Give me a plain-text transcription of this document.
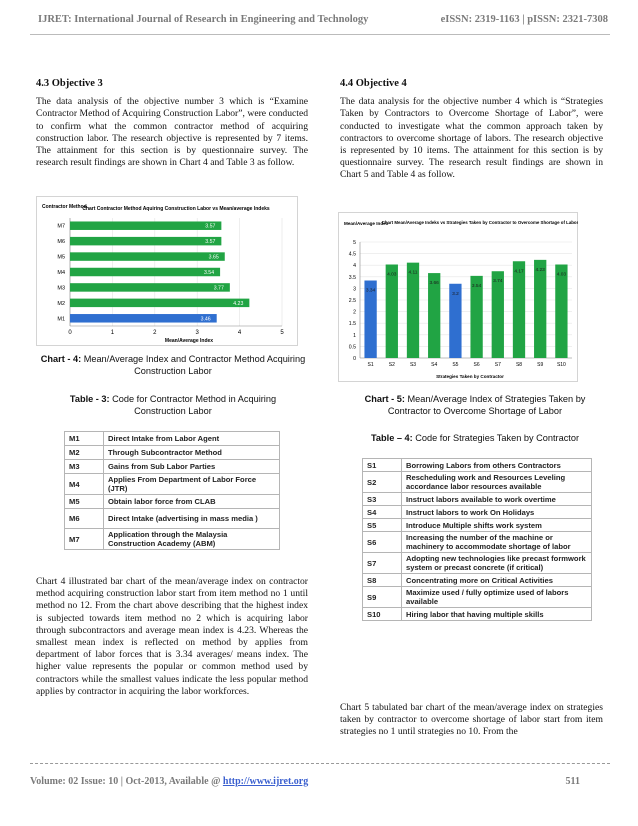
IJRET: International Journal of Research in Engineering and Technology	eISSN: 2319-1163 | pISSN: 2321-7308
4.3 Objective 3

The data analysis of the objective number 3 which is “Examine Contractor Method of Acquiring Construction Labor”, were conducted to confirm what the common contractor method of acquiring construction labor. The research objective is represented by 7 items. The attainment for this section is by questionnaire survey. The research result findings are shown in Chart 4 and Table 3 as follow.

Chart Contractor Method Aquiring Construction Labor vs Mean/average Indeks
Contractor Method
Mean/Average Index
0	1	2	3	4	5
M7	3.57
M6	3.57
M5	3.65
M4	3.54
M3	3.77
M2	4.23
M1	3.46
Chart - 4: Mean/Average Index and Contractor Method Acquiring Construction Labor
Table - 3: Code for Contractor Method in Acquiring Construction Labor
M1	Direct Intake from Labor Agent
M2	Through Subcontractor Method
M3	Gains from Sub Labor Parties
M4	Applies From Department of Labor Force (JTR)
M5	Obtain labor force from CLAB
M6	Direct Intake (advertising in mass media )
M7	Application through the Malaysia Construction Academy (ABM)

Chart 4 illustrated bar chart of the mean/average index on contractor method acquiring construction labor start from item method no 1 until method no 12. From the chart above describing that the highest index is subjected towards item method no 2 which is acquiring labor through subcontractors and average mean index is 4.23. Whereas the smallest mean index is reflected on method by applies from department of labor forces that is 3.34 averages/ means index. The higher value represents the popular or common method used by contractors while the smallest values indicate the less popular method applies by contractor in acquiring the labor workforces.

4.4 Objective 4

The data analysis for the objective number 4 which is “Strategies Taken by Contractors to Overcome Shortage of Labor”, were conducted to investigate what the common approach taken by contractors to overcome shortage of labors. The research objective is represented by 10 items. The attainment for this section is by questionnaire survey. The research result findings are shown in Chart 5 and Table 4 as follow.

Chart Mean/Average Indeks vs Strategies Taken by Contractor to Overcome Shortage of Labor
Mean/Average Index
Strategies Taken by Contractor
0
0.5
1
1.5
2
2.5
3
3.5
4
4.5
5
S1
3.34
S2
4.03
S3
4.11
S4
3.66
S5
3.2
S6
3.54
S7
3.74
S8
4.17
S9
4.23
S10
4.03
Chart - 5: Mean/Average Index of Strategies Taken by Contractor to Overcome Shortage of Labor
Table – 4: Code for Strategies Taken by Contractor
S1	Borrowing Labors from others Contractors
S2	Rescheduling work and Resources Leveling accordance labor resources available
S3	Instruct labors available to work overtime
S4	Instruct labors to work On Holidays
S5	Introduce Multiple shifts work system
S6	Increasing the number of the machine or machinery to accommodate shortage of labor
S7	Adopting new technologies like precast formwork system or precast concrete (if critical)
S8	Concentrating more on Critical Activities
S9	Maximize used / fully optimize used of labors available
S10	Hiring labor that having multiple skills

Chart 5 tabulated bar chart of the mean/average index on strategies taken by contractor to overcome shortage of labor start from item strategies no 1 until strategies no 10. From the

Volume: 02 Issue: 10 | Oct-2013, Available @ http://www.ijret.org	511
